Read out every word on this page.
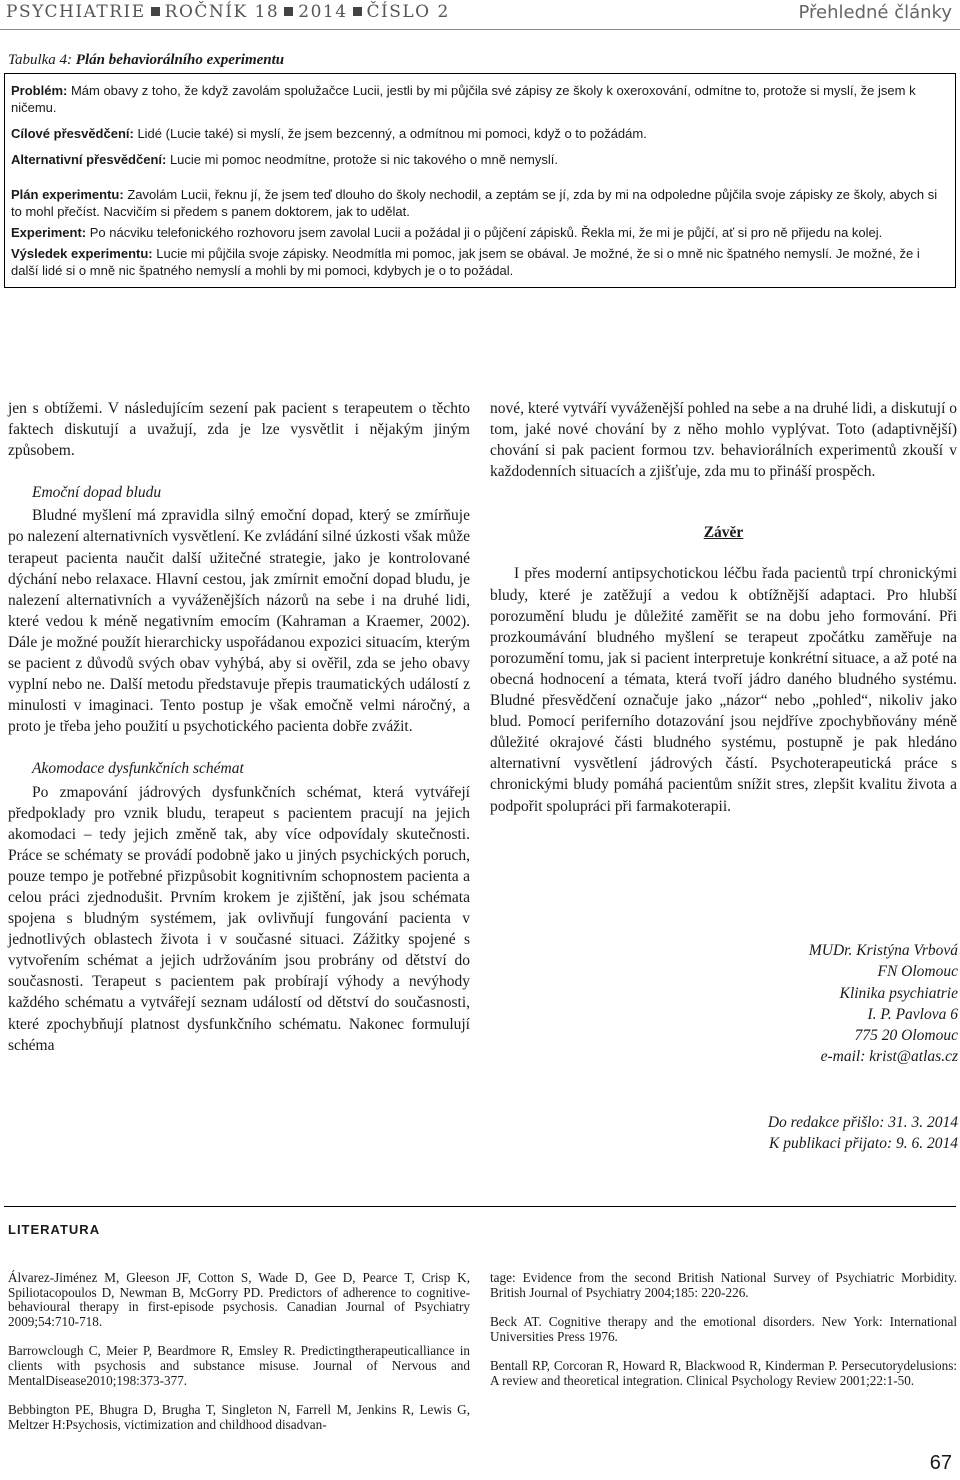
PSYCHIATRIE ROČNÍK 18 2014 ČÍSLO 2	Přehledné články
Tabulka 4: Plán behaviorálního experimentu
Problém: Mám obavy z toho, že když zavolám spolužačce Lucii, jestli by mi půjčila své zápisy ze školy k oxeroxování, odmítne to, protože si myslí, že jsem k ničemu.
Cílové přesvědčení: Lidé (Lucie také) si myslí, že jsem bezcenný, a odmítnou mi pomoci, když o to požádám.
Alternativní přesvědčení: Lucie mi pomoc neodmítne, protože si nic takového o mně nemyslí.
Plán experimentu: Zavolám Lucii, řeknu jí, že jsem teď dlouho do školy nechodil, a zeptám se jí, zda by mi na odpoledne půjčila svoje zápisky ze školy, abych si to mohl přečíst. Nacvičím si předem s panem doktorem, jak to udělat.
Experiment: Po nácviku telefonického rozhovoru jsem zavolal Lucii a požádal ji o půjčení zápisků. Řekla mi, že mi je půjčí, ať si pro ně přijedu na kolej.
Výsledek experimentu: Lucie mi půjčila svoje zápisky. Neodmítla mi pomoc, jak jsem se obával. Je možné, že si o mně nic špatného nemyslí. Je možné, že i další lidé si o mně nic špatného nemyslí a mohli by mi pomoci, kdybych je o to požádal.

jen s obtížemi. V následujícím sezení pak pacient s terapeutem o těchto faktech diskutují a uvažují, zda je lze vysvětlit i nějakým jiným způsobem.

Emoční dopad bludu

Bludné myšlení má zpravidla silný emoční dopad, který se zmírňuje po nalezení alternativních vysvětlení. Ke zvládání silné úzkosti však může terapeut pacienta naučit další užitečné strategie, jako je kontrolované dýchání nebo relaxace. Hlavní cestou, jak zmírnit emoční dopad bludu, je nalezení alternativních a vyváženějších názorů na sebe i na druhé lidi, které vedou k méně negativním emocím (Kahraman a Kraemer, 2002). Dále je možné použít hierarchicky uspořádanou expozici situacím, kterým se pacient z důvodů svých obav vyhýbá, aby si ověřil, zda se jeho obavy vyplní nebo ne. Další metodu představuje přepis traumatických událostí z minulosti v imaginaci. Tento postup je však emočně velmi náročný, a proto je třeba jeho použití u psychotického pacienta dobře zvážit.

Akomodace dysfunkčních schémat

Po zmapování jádrových dysfunkčních schémat, která vytvářejí předpoklady pro vznik bludu, terapeut s pacientem pracují na jejich akomodaci – tedy jejich změně tak, aby více odpovídaly skutečnosti. Práce se schématy se provádí podobně jako u jiných psychických poruch, pouze tempo je potřebné přizpůsobit kognitivním schopnostem pacienta a celou práci zjednodušit. Prvním krokem je zjištění, jak jsou schémata spojena s bludným systémem, jak ovlivňují fungování pacienta v jednotlivých oblastech života i v současné situaci. Zážitky spojené s vytvořením schémat a jejich udržováním jsou probrány od dětství do současnosti. Terapeut s pacientem pak probírají výhody a nevýhody každého schématu a vytvářejí seznam událostí od dětství do současnosti, které zpochybňují platnost dysfunkčního schématu. Nakonec formulují schéma

nové, které vytváří vyváženější pohled na sebe a na druhé lidi, a diskutují o tom, jaké nové chování by z něho mohlo vyplývat. Toto (adaptivnější) chování si pak pacient formou tzv. behaviorálních experimentů zkouší v každodenních situacích a zjišťuje, zda mu to přináší prospěch.

Závěr

I přes moderní antipsychotickou léčbu řada pacientů trpí chronickými bludy, které je zatěžují a vedou k obtížnější adaptaci. Pro hlubší porozumění bludu je důležité zaměřit se na dobu jeho formování. Při prozkoumávání bludného myšlení se terapeut zpočátku zaměřuje na porozumění tomu, jak si pacient interpretuje konkrétní situace, a až poté na obecná hodnocení a témata, která tvoří jádro daného bludného systému. Bludné přesvědčení označuje jako „názor“ nebo „pohled“, nikoliv jako blud. Pomocí periferního dotazování jsou nejdříve zpochybňovány méně důležité okrajové části bludného systému, postupně je pak hledáno alternativní vysvětlení jádrových částí. Psychoterapeutická práce s chronickými bludy pomáhá pacientům snížit stres, zlepšit kvalitu života a podpořit spolupráci při farmakoterapii.

MUDr. Kristýna Vrbová
FN Olomouc
Klinika psychiatrie
I. P. Pavlova 6
775 20 Olomouc
e-mail: krist@atlas.cz
Do redakce přišlo: 31. 3. 2014
K publikaci přijato: 9. 6. 2014
LITERATURA

Álvarez-Jiménez M, Gleeson JF, Cotton S, Wade D, Gee D, Pearce T, Crisp K, Spiliotacopoulos D, Newman B, McGorry PD. Predictors of adherence to cognitive-behavioural therapy in first-episode psychosis. Canadian Journal of Psychiatry 2009;54:710-718.

Barrowclough C, Meier P, Beardmore R, Emsley R. Predictingtherapeuticalliance in clients with psychosis and substance misuse. Journal of Nervous and MentalDisease2010;198:373-377.

Bebbington PE, Bhugra D, Brugha T, Singleton N, Farrell M, Jenkins R, Lewis G, Meltzer H:Psychosis, victimization and childhood disadvan-

tage: Evidence from the second British National Survey of Psychiatric Morbidity. British Journal of Psychiatry 2004;185: 220-226.

Beck AT. Cognitive therapy and the emotional disorders. New York: International Universities Press 1976.

Bentall RP, Corcoran R, Howard R, Blackwood R, Kinderman P. Persecutorydelusions: A review and theoretical integration. Clinical Psychology Review 2001;22:1-50.

67
